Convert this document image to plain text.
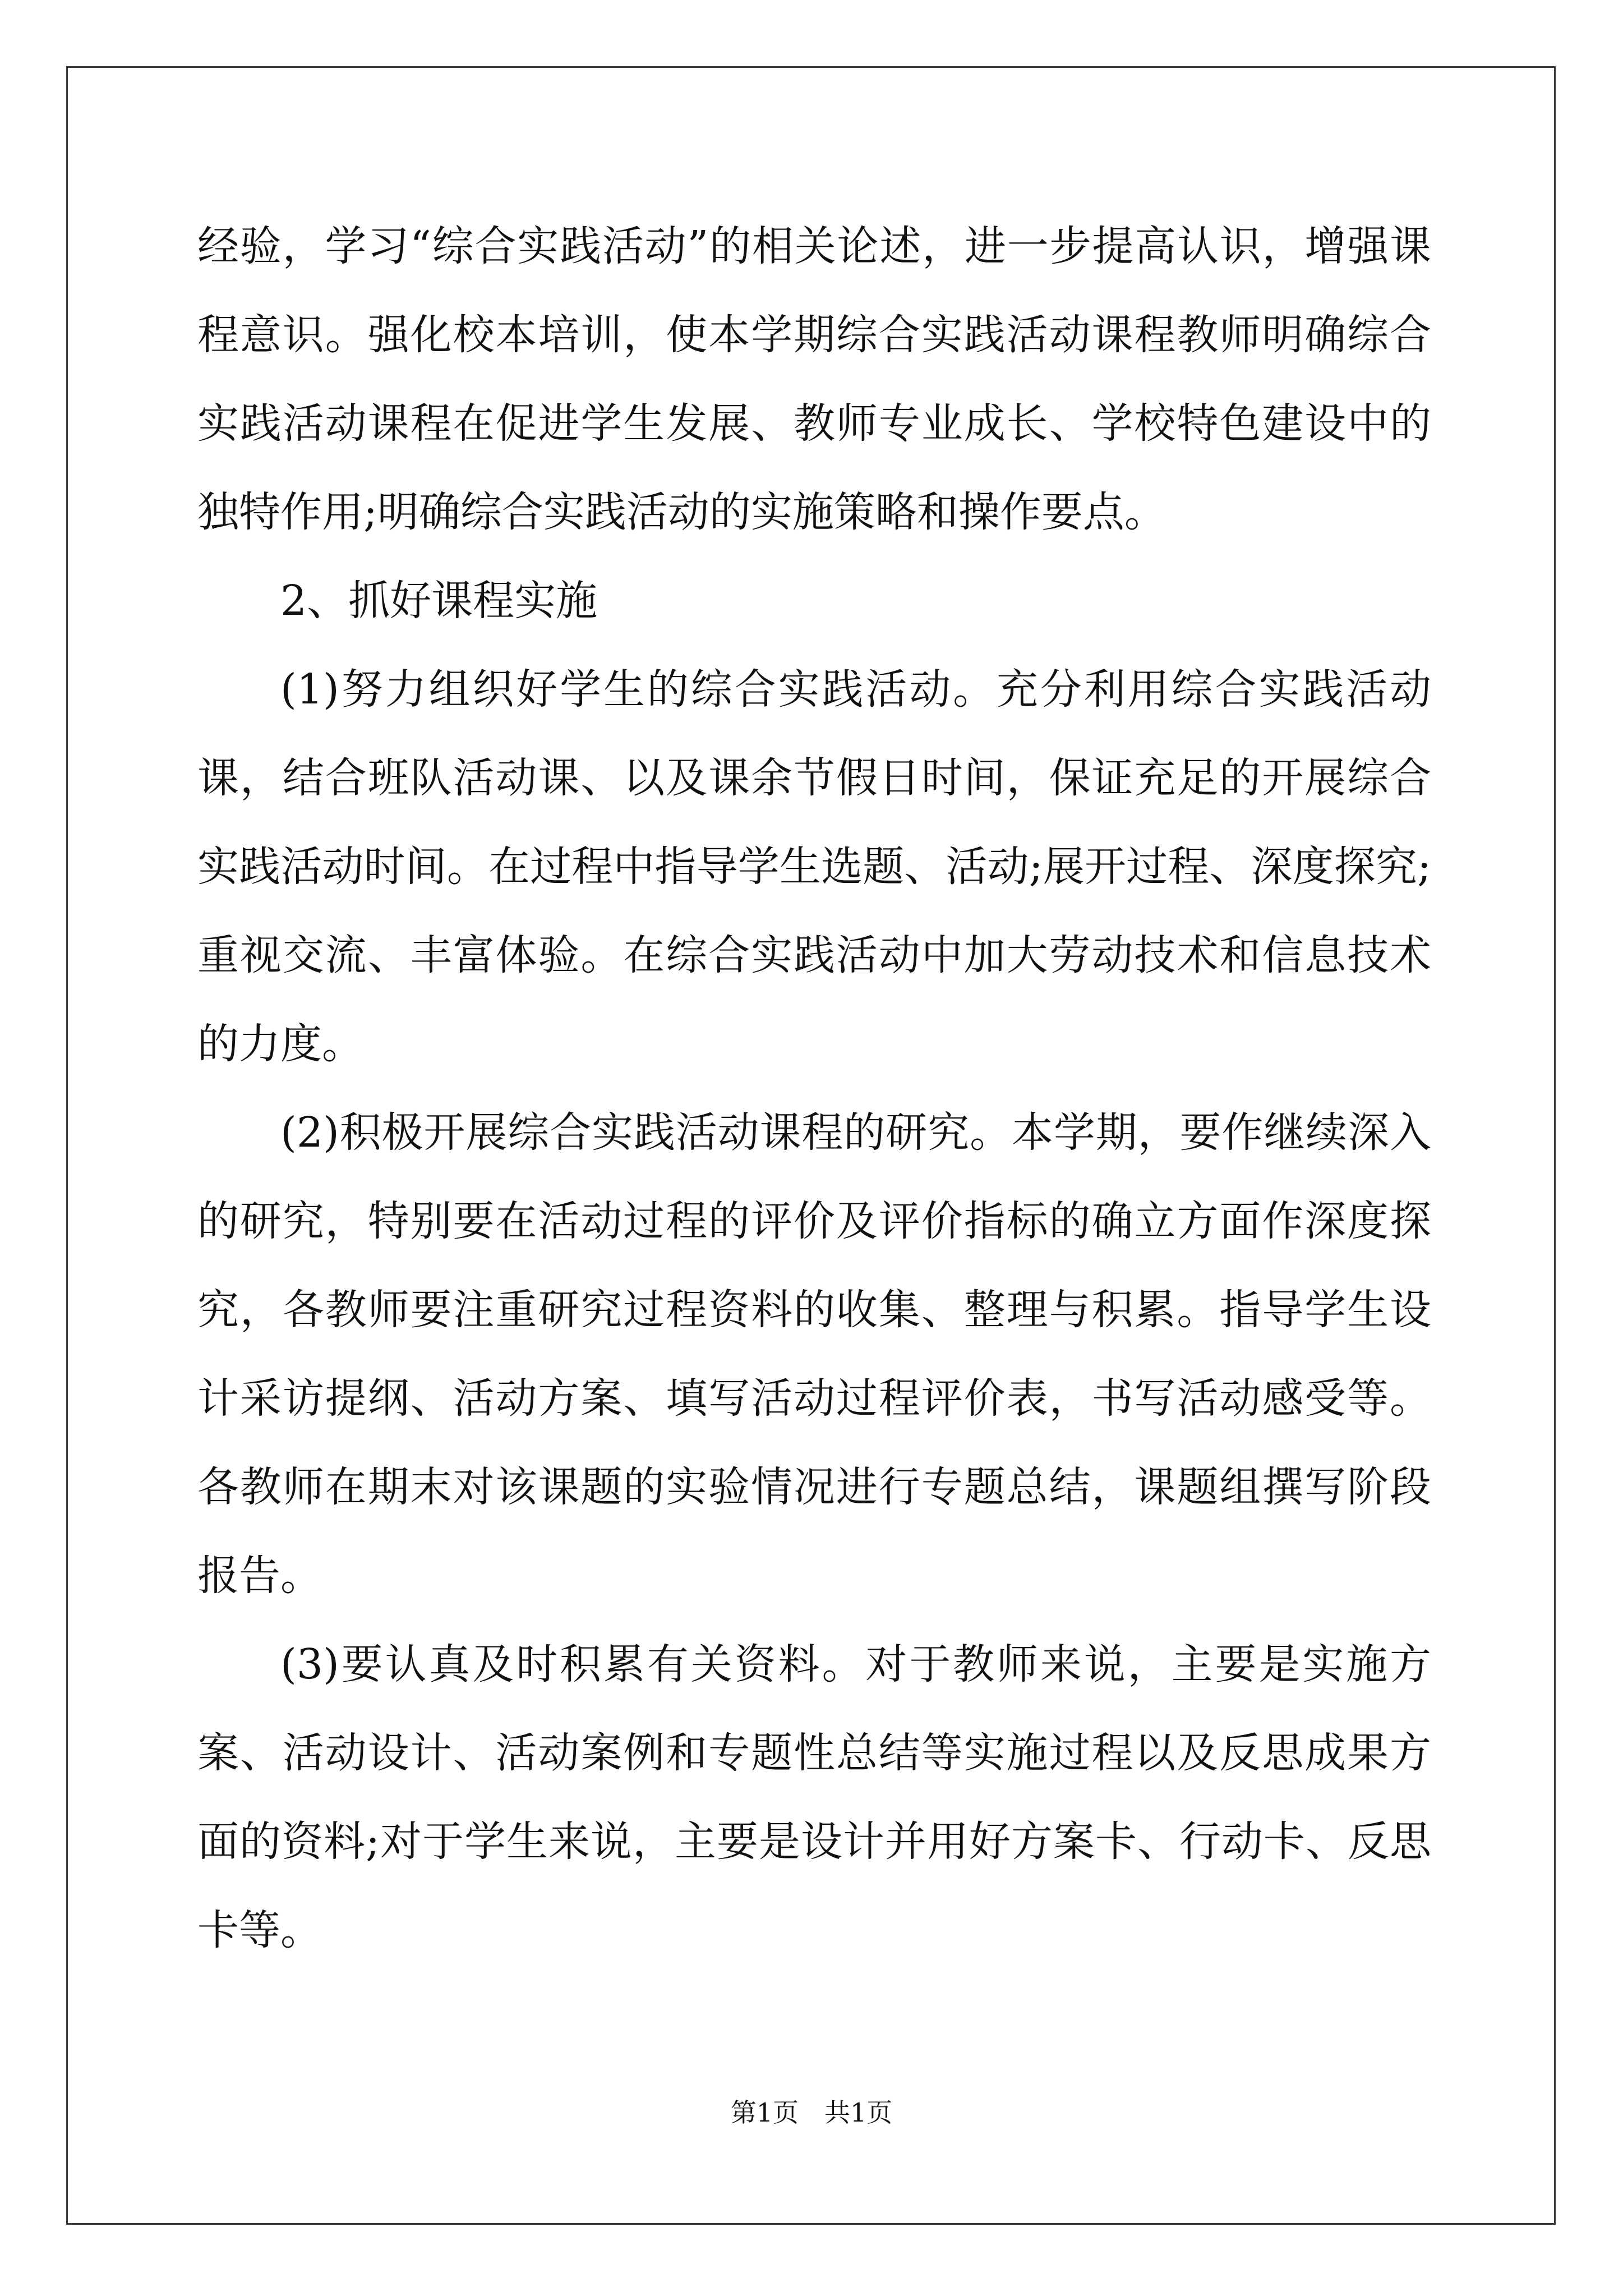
经验，学习“综合实践活动”的相关论述，进一步提高认识，增强课程意识。强化校本培训，使本学期综合实践活动课程教师明确综合实践活动课程在促进学生发展、教师专业成长、学校特色建设中的独特作用;明确综合实践活动的实施策略和操作要点。

2、抓好课程实施

(1)努力组织好学生的综合实践活动。充分利用综合实践活动课，结合班队活动课、以及课余节假日时间，保证充足的开展综合实践活动时间。在过程中指导学生选题、活动;展开过程、深度探究;重视交流、丰富体验。在综合实践活动中加大劳动技术和信息技术的力度。

(2)积极开展综合实践活动课程的研究。本学期，要作继续深入的研究，特别要在活动过程的评价及评价指标的确立方面作深度探究，各教师要注重研究过程资料的收集、整理与积累。指导学生设计采访提纲、活动方案、填写活动过程评价表，书写活动感受等。各教师在期末对该课题的实验情况进行专题总结，课题组撰写阶段报告。

(3)要认真及时积累有关资料。对于教师来说，主要是实施方案、活动设计、活动案例和专题性总结等实施过程以及反思成果方面的资料;对于学生来说，主要是设计并用好方案卡、行动卡、反思卡等。

第1页　共1页
